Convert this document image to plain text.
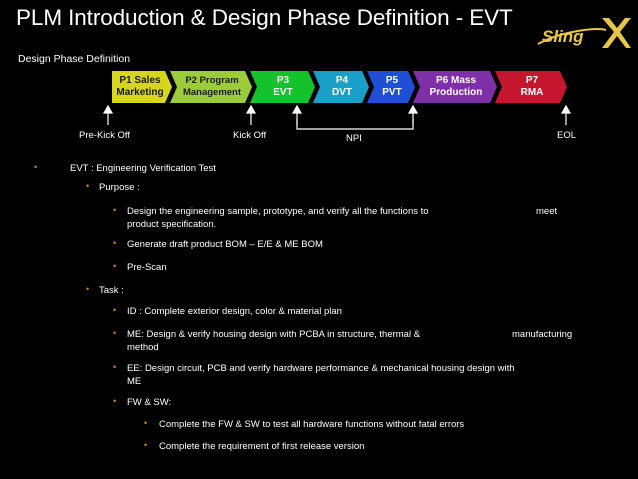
PLM Introduction & Design Phase Definition - EVT
Sling
Design Phase Definition
P1 Sales
Marketing
P2 Program
Management
P3
EVT
P4
DVT
P5
PVT
P6 Mass
Production
P7
RMA
Pre-Kick Off	Kick Off	NPI	EOL
•	EVT : Engineering Verification Test
• Purpose :
• Design the engineering sample, prototype, and verify all the functions to	meet

product specification.
• Generate draft product BOM – E/E & ME BOM
• Pre-Scan
• Task :
• ID : Complete exterior design, color & material plan
• ME: Design & verify housing design with PCBA in structure, thermal &	manufacturing

method
• EE: Design circuit, PCB and verify hardware performance & mechanical housing design with
ME
• FW & SW:
• Complete the FW & SW to test all hardware functions without fatal errors
• Complete the requirement of first release version
